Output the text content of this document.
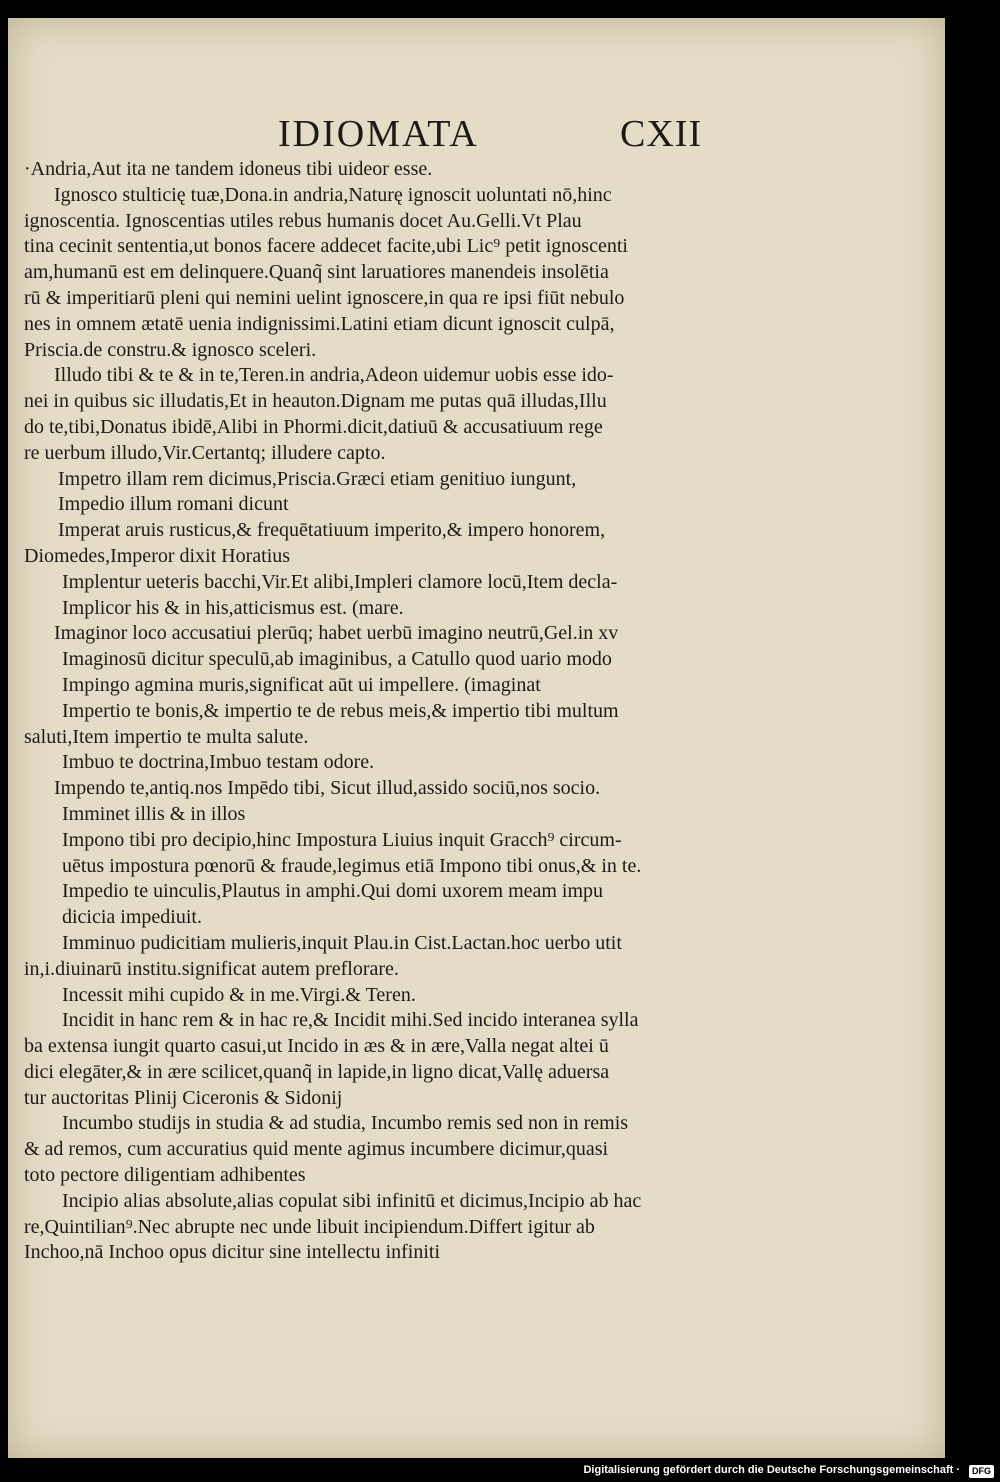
IDIOMATA	CXII
·Andria,Aut ita ne tandem idoneus tibi uideor esse.
Ignosco stulticię tuæ,Dona.in andria,Naturę ignoscit uoluntati nō,hinc
ignoscentia. Ignoscentias utiles rebus humanis docet Au.Gelli.Vt Plau
tina cecinit sententia,ut bonos facere addecet facite,ubi Lic⁹ petit ignoscenti
am,humanū est em delinquere.Quanq̃ sint laruatiores manendeis insolētia
rū & imperitiarū pleni qui nemini uelint ignoscere,in qua re ipsi fiūt nebulo
nes in omnem ætatē uenia indignissimi.Latini etiam dicunt ignoscit culpā,
Priscia.de constru.& ignosco sceleri.
Illudo tibi & te & in te,Teren.in andria,Adeon uidemur uobis esse ido-
nei in quibus sic illudatis,Et in heauton.Dignam me putas quā illudas,Illu
do te,tibi,Donatus ibidē,Alibi in Phormi.dicit,datiuū & accusatiuum rege
re uerbum illudo,Vir.Certantq; illudere capto.
Impetro illam rem dicimus,Priscia.Græci etiam genitiuo iungunt,
Impedio illum romani dicunt
Imperat aruis rusticus,& frequētatiuum imperito,& impero honorem,
Diomedes,Imperor dixit Horatius
Implentur ueteris bacchi,Vir.Et alibi,Impleri clamore locū,Item decla-
Implicor his & in his,atticismus est. (mare.
Imaginor loco accusatiui plerūq; habet uerbū imagino neutrū,Gel.in xv
Imaginosū dicitur speculū,ab imaginibus, a Catullo quod uario modo
Impingo agmina muris,significat aūt ui impellere. (imaginat
Impertio te bonis,& impertio te de rebus meis,& impertio tibi multum
saluti,Item impertio te multa salute.
Imbuo te doctrina,Imbuo testam odore.
Impendo te,antiq.nos Impēdo tibi, Sicut illud,assido sociū,nos socio.
Imminet illis & in illos
Impono tibi pro decipio,hinc Impostura Liuius inquit Gracch⁹ circum-
uētus impostura pœnorū & fraude,legimus etiā Impono tibi onus,& in te.
Impedio te uinculis,Plautus in amphi.Qui domi uxorem meam impu
dicicia impediuit.
Imminuo pudicitiam mulieris,inquit Plau.in Cist.Lactan.hoc uerbo utit
in,i.diuinarū institu.significat autem preflorare.
Incessit mihi cupido & in me.Virgi.& Teren.
Incidit in hanc rem & in hac re,& Incidit mihi.Sed incido interanea sylla
ba extensa iungit quarto casui,ut Incido in æs & in ære,Valla negat altei ū
dici elegāter,& in ære scilicet,quanq̃ in lapide,in ligno dicat,Vallę aduersa
tur auctoritas Plinij Ciceronis & Sidonij
Incumbo studijs in studia & ad studia, Incumbo remis sed non in remis
& ad remos, cum accuratius quid mente agimus incumbere dicimur,quasi
toto pectore diligentiam adhibentes
Incipio alias absolute,alias copulat sibi infinitū et dicimus,Incipio ab hac
re,Quintilian⁹.Nec abrupte nec unde libuit incipiendum.Differt igitur ab
Inchoo,nā Inchoo opus dicitur sine intellectu infiniti
Digitalisierung gefördert durch die Deutsche Forschungsgemeinschaft ·	DFG
